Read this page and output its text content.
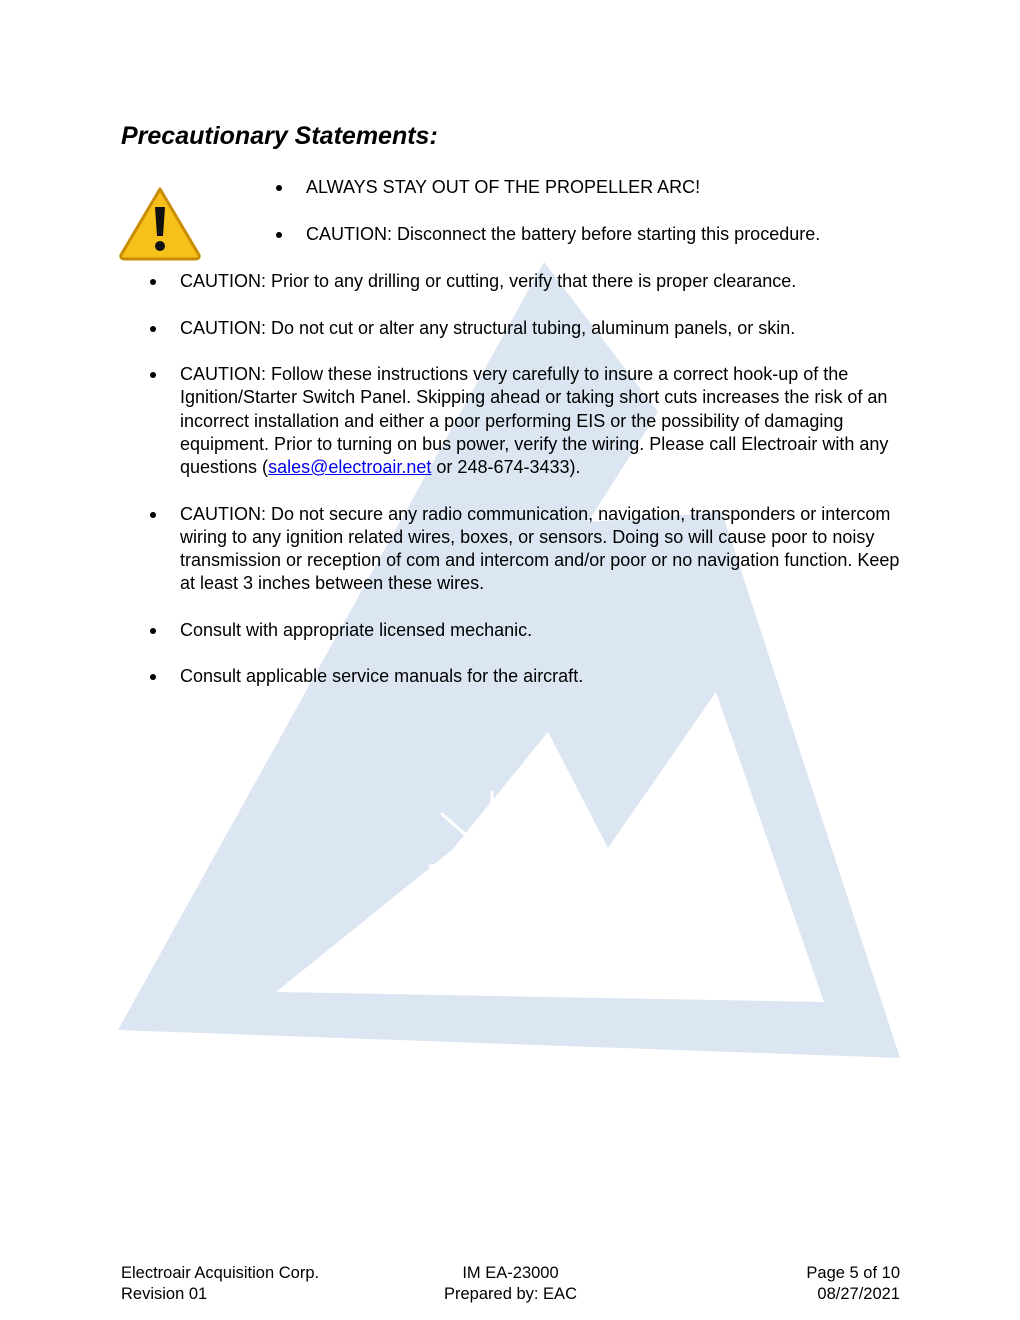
Precautionary Statements:
ALWAYS STAY OUT OF THE PROPELLER ARC!
CAUTION: Disconnect the battery before starting this procedure.
CAUTION: Prior to any drilling or cutting, verify that there is proper clearance.
CAUTION: Do not cut or alter any structural tubing, aluminum panels, or skin.
CAUTION: Follow these instructions very carefully to insure a correct hook-up of the Ignition/Starter Switch Panel. Skipping ahead or taking short cuts increases the risk of an incorrect installation and either a poor performing EIS or the possibility of damaging equipment. Prior to turning on bus power, verify the wiring. Please call Electroair with any questions (sales@electroair.net or 248-674-3433).
CAUTION: Do not secure any radio communication, navigation, transponders or intercom wiring to any ignition related wires, boxes, or sensors. Doing so will cause poor to noisy transmission or reception of com and intercom and/or poor or no navigation function. Keep at least 3 inches between these wires.
Consult with appropriate licensed mechanic.
Consult applicable service manuals for the aircraft.
Electroair Acquisition Corp.	IM EA-23000	Page 5 of 10
Revision 01	Prepared by: EAC	08/27/2021
